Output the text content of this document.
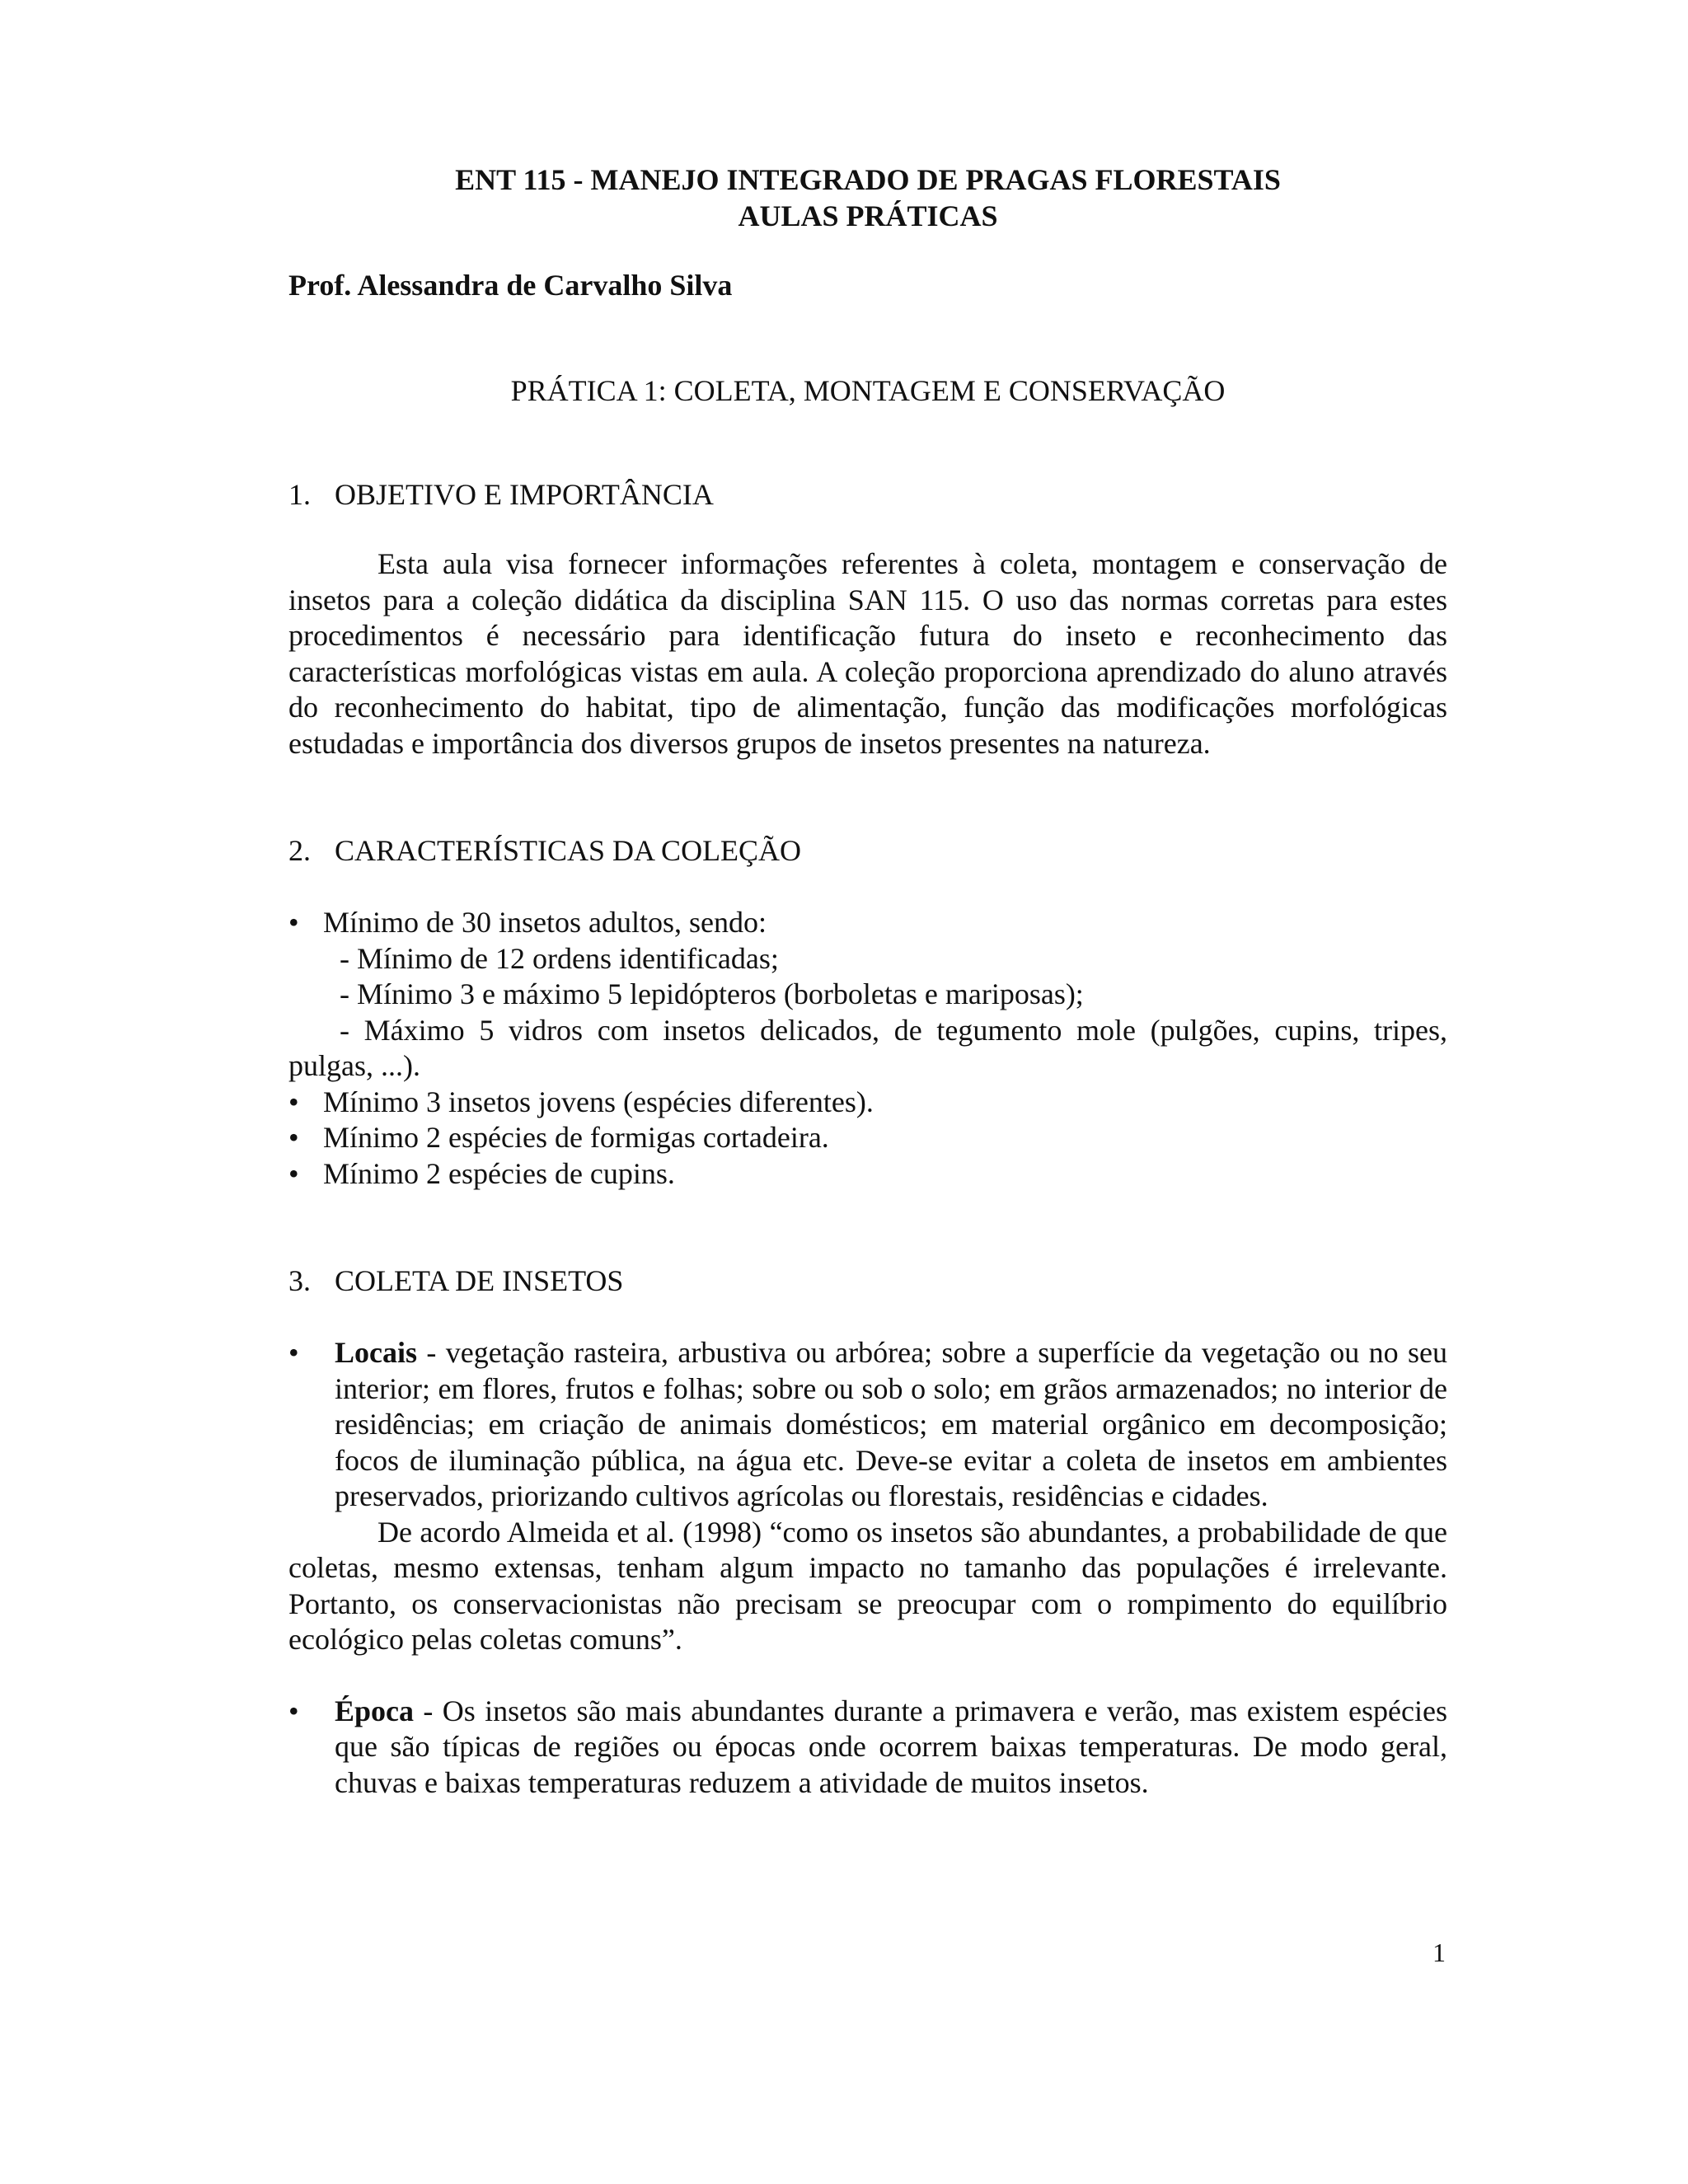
ENT 115 - MANEJO INTEGRADO DE PRAGAS FLORESTAIS

AULAS PRÁTICAS

Prof. Alessandra de Carvalho Silva
PRÁTICA 1: COLETA, MONTAGEM E CONSERVAÇÃO
1. OBJETIVO E IMPORTÂNCIA

Esta aula visa fornecer informações referentes à coleta, montagem e conservação de insetos para a coleção didática da disciplina SAN 115. O uso das normas corretas para estes procedimentos é necessário para identificação futura do inseto e reconhecimento das características morfológicas vistas em aula. A coleção proporciona aprendizado do aluno através do reconhecimento do habitat, tipo de alimentação, função das modificações morfológicas estudadas e importância dos diversos grupos de insetos presentes na natureza.

2. CARACTERÍSTICAS DA COLEÇÃO
• Mínimo de 30 insetos adultos, sendo:
- Mínimo de 12 ordens identificadas;
- Mínimo 3 e máximo 5 lepidópteros (borboletas e mariposas);
- Máximo 5 vidros com insetos delicados, de tegumento mole (pulgões, cupins, tripes, pulgas, ...).
• Mínimo 3 insetos jovens (espécies diferentes).
• Mínimo 2 espécies de formigas cortadeira.
• Mínimo 2 espécies de cupins.
3. COLETA DE INSETOS
• Locais - vegetação rasteira, arbustiva ou arbórea; sobre a superfície da vegetação ou no seu interior; em flores, frutos e folhas; sobre ou sob o solo; em grãos armazenados; no interior de residências; em criação de animais domésticos; em material orgânico em decomposição; focos de iluminação pública, na água etc. Deve-se evitar a coleta de insetos em ambientes preservados, priorizando cultivos agrícolas ou florestais, residências e cidades.

De acordo Almeida et al. (1998) “como os insetos são abundantes, a probabilidade de que coletas, mesmo extensas, tenham algum impacto no tamanho das populações é irrelevante. Portanto, os conservacionistas não precisam se preocupar com o rompimento do equilíbrio ecológico pelas coletas comuns”.

• Época - Os insetos são mais abundantes durante a primavera e verão, mas existem espécies que são típicas de regiões ou épocas onde ocorrem baixas temperaturas. De modo geral, chuvas e baixas temperaturas reduzem a atividade de muitos insetos.
1
